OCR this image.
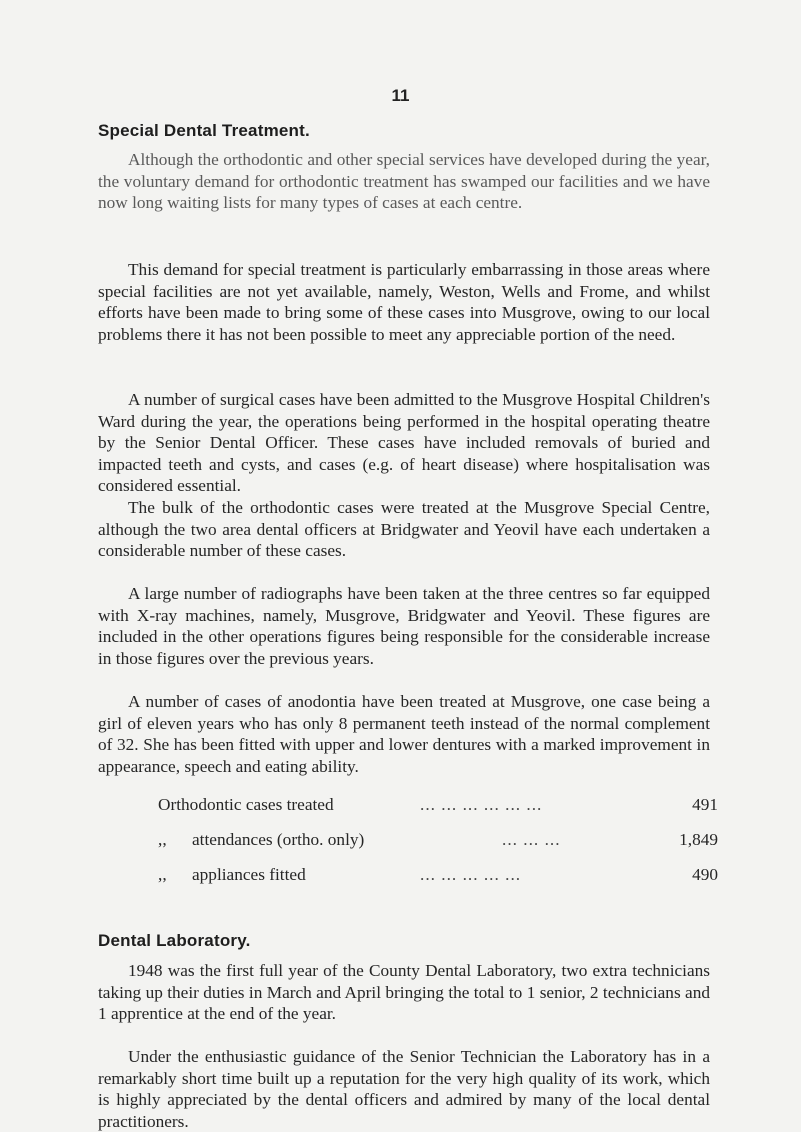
11
Special Dental Treatment.

Although the orthodontic and other special services have developed during the year, the voluntary demand for orthodontic treatment has swamped our facilities and we have now long waiting lists for many types of cases at each centre.

This demand for special treatment is particularly embarrassing in those areas where special facilities are not yet available, namely, Weston, Wells and Frome, and whilst efforts have been made to bring some of these cases into Musgrove, owing to our local problems there it has not been possible to meet any appreciable portion of the need.

A number of surgical cases have been admitted to the Musgrove Hospital Children's Ward during the year, the operations being performed in the hospital operating theatre by the Senior Dental Officer. These cases have included removals of buried and impacted teeth and cysts, and cases (e.g. of heart disease) where hospitalisation was considered essential.

The bulk of the orthodontic cases were treated at the Musgrove Special Centre, although the two area dental officers at Bridgwater and Yeovil have each undertaken a considerable number of these cases.

A large number of radiographs have been taken at the three centres so far equipped with X-ray machines, namely, Musgrove, Bridgwater and Yeovil. These figures are included in the other operations figures being responsible for the considerable increase in those figures over the previous years.

A number of cases of anodontia have been treated at Musgrove, one case being a girl of eleven years who has only 8 permanent teeth instead of the normal complement of 32. She has been fitted with upper and lower dentures with a marked improvement in appearance, speech and eating ability.

Orthodontic cases treated	... ... ... ... ... ...	491
,, attendances (ortho. only)	... ... ...	1,849
,, appliances fitted	... ... ... ... ...	490
Dental Laboratory.

1948 was the first full year of the County Dental Laboratory, two extra technicians taking up their duties in March and April bringing the total to 1 senior, 2 technicians and 1 apprentice at the end of the year.

Under the enthusiastic guidance of the Senior Technician the Laboratory has in a remarkably short time built up a reputation for the very high quality of its work, which is highly appreciated by the dental officers and admired by many of the local dental practitioners.
